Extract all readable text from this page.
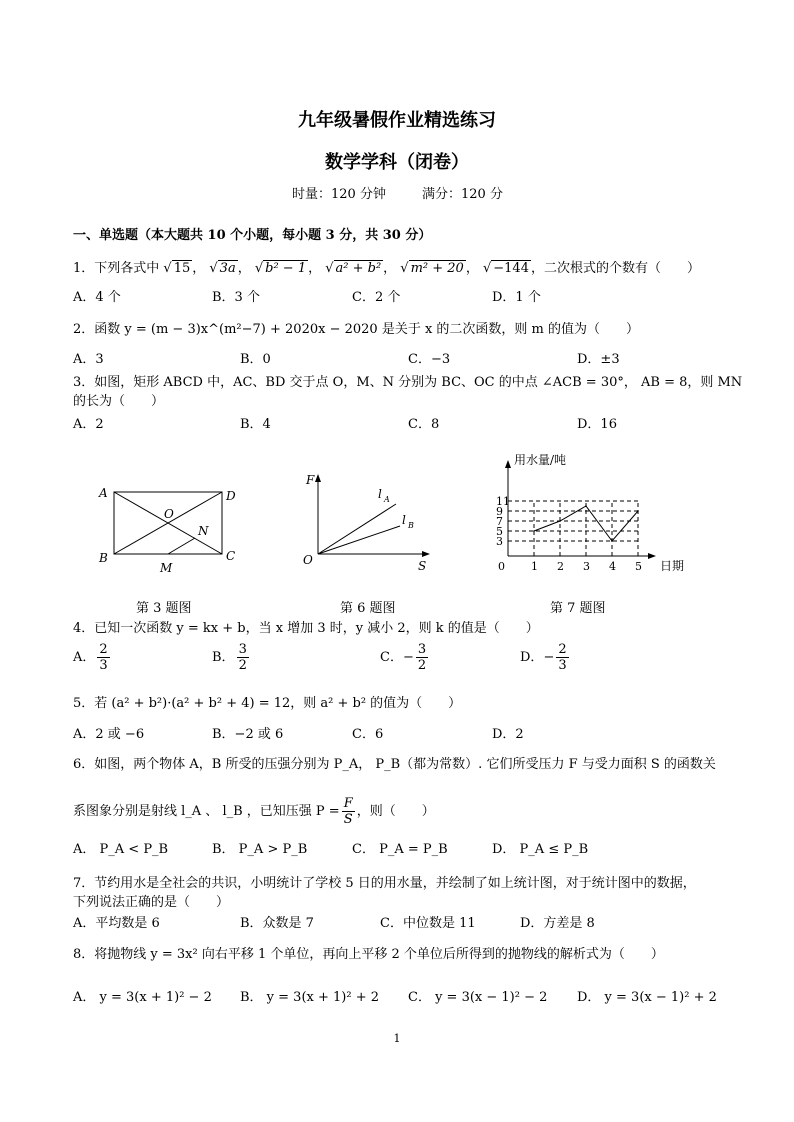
九年级暑假作业精选练习
数学学科（闭卷）
时量：120 分钟	满分：120 分
一、单选题（本大题共 10 个小题，每小题 3 分，共 30 分）
1．下列各式中 √ 15 ， √ 3a ， √ b² − 1 ， √ a² + b² ， √ m² + 20 ， √ −144 ，二次根式的个数有（　　）
A．4 个	B．3 个	C．2 个	D．1 个
2．函数 y = (m − 3)x^(m²−7) + 2020x − 2020 是关于 x 的二次函数，则 m 的值为（　　）
A．3	B．0	C．−3	D．±3
3．如图，矩形 ABCD 中，AC、BD 交于点 O，M、N 分别为 BC、OC 的中点 ∠ACB = 30°， AB = 8，则 MN
的长为（　　）
A．2	B．4	C．8	D．16
A	D
O
N
B	C
M
第 3 题图
F
l A
l B
O	S
第 6 题图
3
5
7
9
11
1 2 3 4 5
用水量/吨
日期
0
第 7 题图
4．已知一次函数 y = kx + b，当 x 增加 3 时，y 减小 2，则 k 的值是（　　）
A． $\frac{2}{3}$	B． $\frac{3}{2}$	C．− $\frac{3}{2}$	D．− $\frac{2}{3}$
5．若 (a² + b²)·(a² + b² + 4) = 12，则 a² + b² 的值为（　　）
A．2 或 −6	B．−2 或 6	C．6	D．2
6．如图，两个物体 A，B 所受的压强分别为 P_A， P_B（都为常数）. 它们所受压力 F 与受力面积 S 的函数关
系图象分别是射线 l_A 、 l_B ，已知压强 $P = \frac{F}{S}$ ，则（　　）
A． P_A < P_B	B． P_A > P_B	C． P_A = P_B	D． P_A ≤ P_B
7．节约用水是全社会的共识，小明统计了学校 5 日的用水量，并绘制了如上统计图，对于统计图中的数据，
下列说法正确的是（　　）
A．平均数是 6	B．众数是 7	C．中位数是 11	D．方差是 8
8．将抛物线 y = 3x² 向右平移 1 个单位，再向上平移 2 个单位后所得到的抛物线的解析式为（　　）
A． y = 3(x + 1)² − 2 B． y = 3(x + 1)² + 2 C． y = 3(x − 1)² − 2 D． y = 3(x − 1)² + 2
1
